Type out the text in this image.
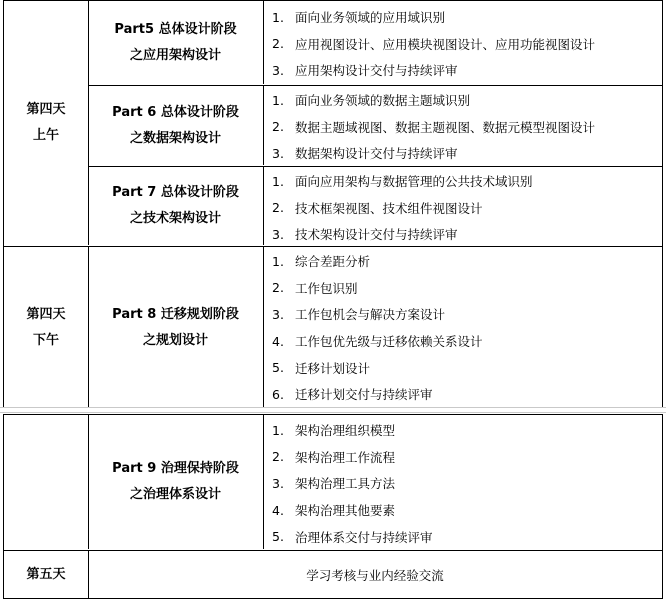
第四天
上午
Part5 总体设计阶段
之应用架构设计
1. 面向业务领域的应用域识别
2. 应用视图设计、应用模块视图设计、应用功能视图设计
3. 应用架构设计交付与持续评审
Part 6 总体设计阶段
之数据架构设计
1. 面向业务领域的数据主题域识别
2. 数据主题域视图、数据主题视图、数据元模型视图设计
3. 数据架构设计交付与持续评审
Part 7 总体设计阶段
之技术架构设计
1. 面向应用架构与数据管理的公共技术域识别
2. 技术框架视图、技术组件视图设计
3. 技术架构设计交付与持续评审
第四天
下午
Part 8 迁移规划阶段
之规划设计
1. 综合差距分析
2. 工作包识别
3. 工作包机会与解决方案设计
4. 工作包优先级与迁移依赖关系设计
5. 迁移计划设计
6. 迁移计划交付与持续评审
Part 9 治理保持阶段
之治理体系设计
1. 架构治理组织模型
2. 架构治理工作流程
3. 架构治理工具方法
4. 架构治理其他要素
5. 治理体系交付与持续评审
第五天	学习考核与业内经验交流
